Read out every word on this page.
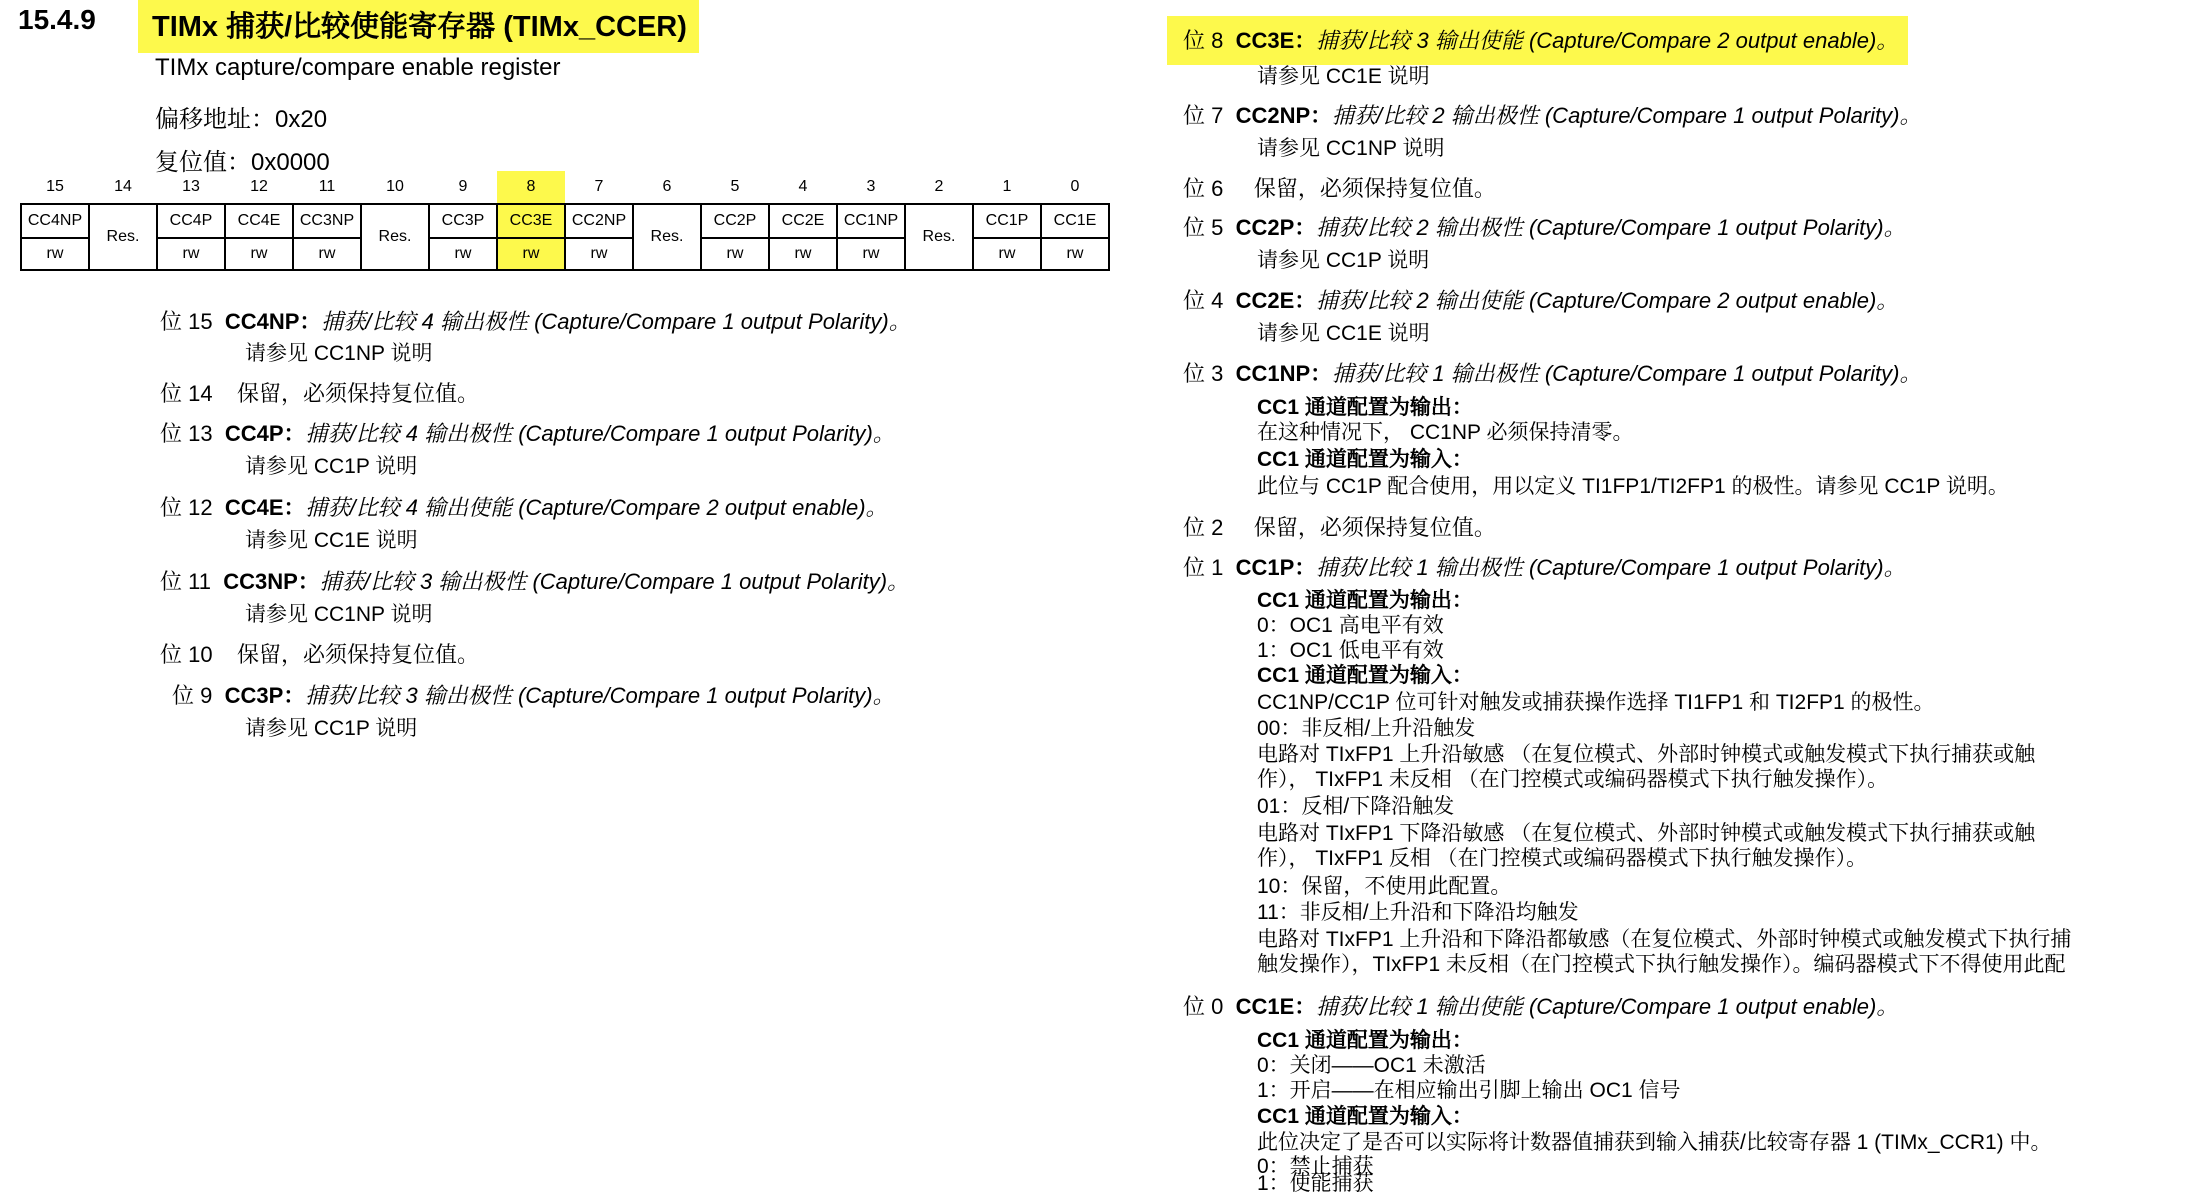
15.4.9	TIMx 捕获/比较使能寄存器 (TIMx_CCER)
TIMx capture/compare enable register
偏移地址：0x20
复位值：0x0000
15	14	13	12	11	10	9	8	7	6	5	4	3	2	1	0
CC4NP	Res.	CC4P	CC4E	CC3NP	Res.	CC3P	CC3E	CC2NP	Res.	CC2P	CC2E	CC1NP	Res.	CC1P	CC1E
rw		rw	rw	rw		rw	rw	rw		rw	rw	rw		rw	rw
位 15 CC4NP：捕获/比较 4 输出极性 (Capture/Compare 1 output Polarity)。
请参见 CC1NP 说明
位 14 保留，必须保持复位值。
位 13 CC4P：捕获/比较 4 输出极性 (Capture/Compare 1 output Polarity)。
请参见 CC1P 说明
位 12 CC4E：捕获/比较 4 输出使能 (Capture/Compare 2 output enable)。
请参见 CC1E 说明
位 11 CC3NP：捕获/比较 3 输出极性 (Capture/Compare 1 output Polarity)。
请参见 CC1NP 说明
位 10 保留，必须保持复位值。
位 9 CC3P：捕获/比较 3 输出极性 (Capture/Compare 1 output Polarity)。
请参见 CC1P 说明
位 8 CC3E：捕获/比较 3 输出使能 (Capture/Compare 2 output enable)。
请参见 CC1E 说明
位 7 CC2NP：捕获/比较 2 输出极性 (Capture/Compare 1 output Polarity)。
请参见 CC1NP 说明
位 6 保留，必须保持复位值。
位 5 CC2P：捕获/比较 2 输出极性 (Capture/Compare 1 output Polarity)。
请参见 CC1P 说明
位 4 CC2E：捕获/比较 2 输出使能 (Capture/Compare 2 output enable)。
请参见 CC1E 说明
位 3 CC1NP：捕获/比较 1 输出极性 (Capture/Compare 1 output Polarity)。
CC1 通道配置为输出：
在这种情况下， CC1NP 必须保持清零。
CC1 通道配置为输入：
此位与 CC1P 配合使用，用以定义 TI1FP1/TI2FP1 的极性。请参见 CC1P 说明。
位 2 保留，必须保持复位值。
位 1 CC1P：捕获/比较 1 输出极性 (Capture/Compare 1 output Polarity)。
CC1 通道配置为输出：
0：OC1 高电平有效
1：OC1 低电平有效
CC1 通道配置为输入：
CC1NP/CC1P 位可针对触发或捕获操作选择 TI1FP1 和 TI2FP1 的极性。
00：非反相/上升沿触发
电路对 TIxFP1 上升沿敏感 （在复位模式、外部时钟模式或触发模式下执行捕获或触
作）， TIxFP1 未反相 （在门控模式或编码器模式下执行触发操作）。
01：反相/下降沿触发
电路对 TIxFP1 下降沿敏感 （在复位模式、外部时钟模式或触发模式下执行捕获或触
作）， TIxFP1 反相 （在门控模式或编码器模式下执行触发操作）。
10：保留，不使用此配置。
11：非反相/上升沿和下降沿均触发
电路对 TIxFP1 上升沿和下降沿都敏感（在复位模式、外部时钟模式或触发模式下执行捕
触发操作），TIxFP1 未反相（在门控模式下执行触发操作）。编码器模式下不得使用此配
位 0 CC1E：捕获/比较 1 输出使能 (Capture/Compare 1 output enable)。
CC1 通道配置为输出：
0：关闭——OC1 未激活
1：开启——在相应输出引脚上输出 OC1 信号
CC1 通道配置为输入：
此位决定了是否可以实际将计数器值捕获到输入捕获/比较寄存器 1 (TIMx_CCR1) 中。
0：禁止捕获
1：使能捕获
